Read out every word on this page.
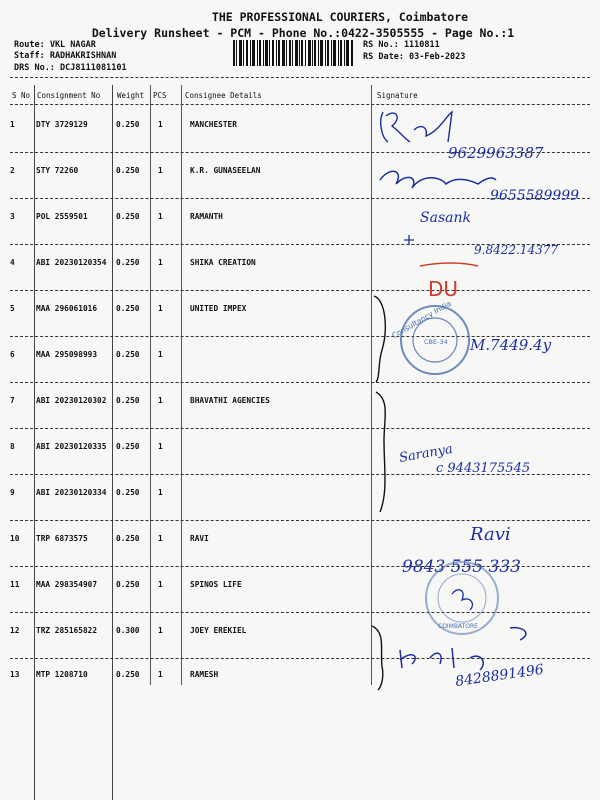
THE PROFESSIONAL COURIERS, Coimbatore
Delivery Runsheet - PCM - Phone No.:0422-3505555 - Page No.:1
Route: VKL NAGAR
Staff: RADHAKRISHNAN
DRS No.: DCJ8111081101
RS No.: 1110811
RS Date: 03-Feb-2023
S No Consignment No Weight PCS Consignee Details	Signature
1	DTY 3729129	0.250 1	MANCHESTER
2	STY 72260	0.250 1	K.R. GUNASEELAN
3	POL 2559501	0.250 1	RAMANTH
4	ABI 20230120354 0.250 1	SHIKA CREATION
5	MAA 296061016 0.250 1	UNITED IMPEX
6	MAA 295098993 0.250 1
7	ABI 20230120302 0.250 1	BHAVATHI AGENCIES
8	ABI 20230120335 0.250 1
9	ABI 20230120334 0.250 1
10 TRP 6873575	0.250 1	RAVI
11 MAA 298354907 0.250 1	SPINOS LIFE
12 TRZ 285165822 0.300 1	JOEY EREKIEL
13 MTP 1208710	0.250 1	RAMESH
9629963387
9655589999
Sasank
9.8422.14377
DU
Consultancy India
CBE-34 M.7449.4y
Saranya
c 9443175545
Ravi
9843 555 333
COIMBATORE
8428891496
